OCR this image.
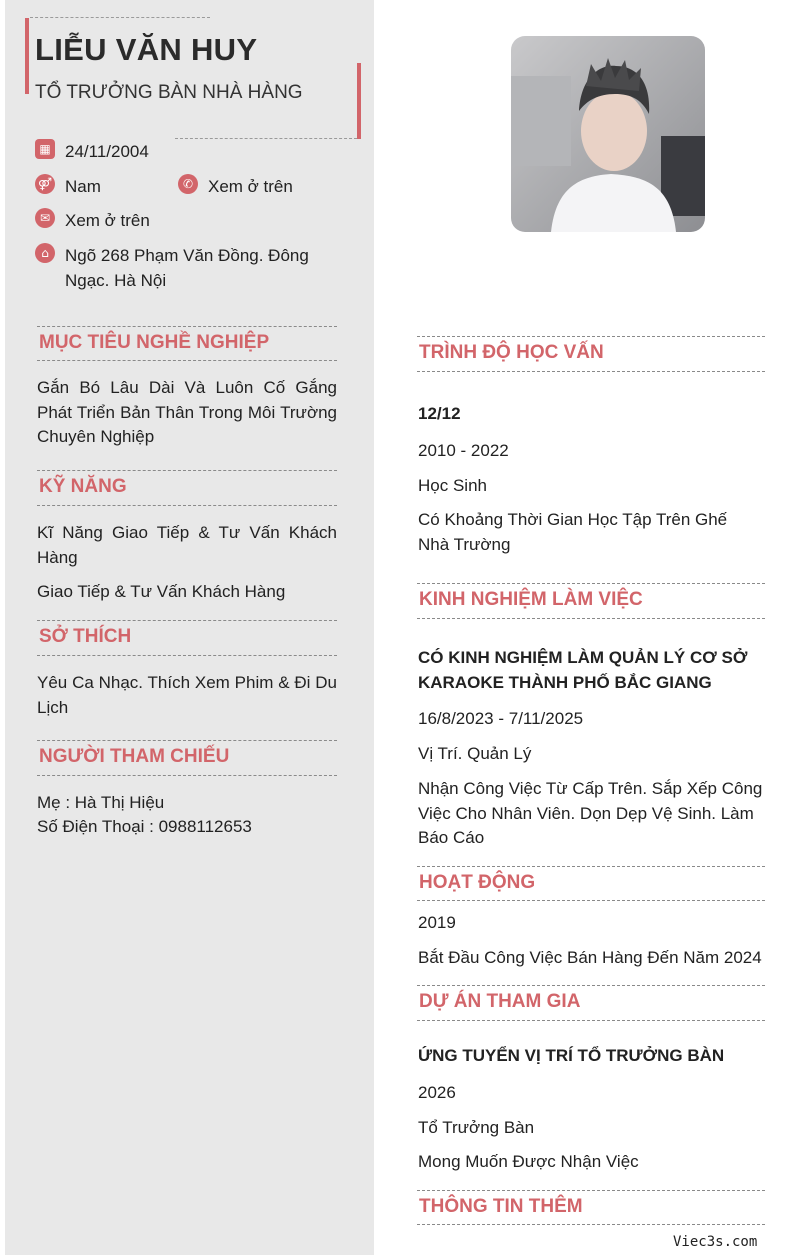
LIỄU VĂN HUY
TỔ TRƯỞNG BÀN NHÀ HÀNG
▦ 24/11/2004
⚤ Nam	✆ Xem ở trên
✉ Xem ở trên
⌂ Ngõ 268 Phạm Văn Đồng. Đông Ngạc. Hà Nội
MỤC TIÊU NGHỀ NGHIỆP
Gắn Bó Lâu Dài Và Luôn Cố Gắng Phát Triển Bản Thân Trong Môi Trường Chuyên Nghiệp
KỸ NĂNG
Kĩ Năng Giao Tiếp & Tư Vấn Khách Hàng
Giao Tiếp & Tư Vấn Khách Hàng
SỞ THÍCH
Yêu Ca Nhạc. Thích Xem Phim & Đi Du Lịch
NGƯỜI THAM CHIẾU
Mẹ : Hà Thị Hiệu
Số Điện Thoại : 0988112653
TRÌNH ĐỘ HỌC VẤN
12/12
2010 - 2022
Học Sinh
Có Khoảng Thời Gian Học Tập Trên Ghế Nhà Trường
KINH NGHIỆM LÀM VIỆC
CÓ KINH NGHIỆM LÀM QUẢN LÝ CƠ SỞ KARAOKE THÀNH PHỐ BẮC GIANG
16/8/2023 - 7/11/2025
Vị Trí. Quản Lý
Nhận Công Việc Từ Cấp Trên. Sắp Xếp Công Việc Cho Nhân Viên. Dọn Dẹp Vệ Sinh. Làm Báo Cáo
HOẠT ĐỘNG
2019
Bắt Đầu Công Việc Bán Hàng Đến Năm 2024
DỰ ÁN THAM GIA
ỨNG TUYỂN VỊ TRÍ TỔ TRƯỞNG BÀN
2026
Tổ Trưởng Bàn
Mong Muốn Được Nhận Việc
THÔNG TIN THÊM
Viec3s.com
